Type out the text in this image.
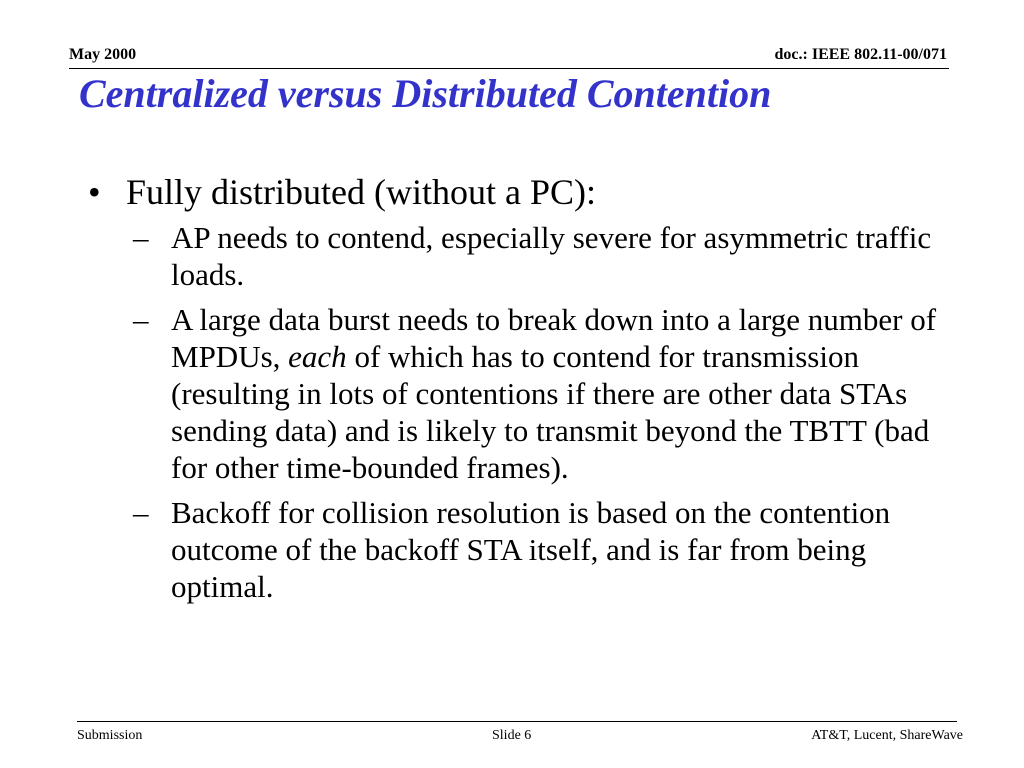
May 2000	doc.: IEEE 802.11-00/071
Centralized versus Distributed Contention
• Fully distributed (without a PC):
– AP needs to contend, especially severe for asymmetric traffic loads.
– A large data burst needs to break down into a large number of MPDUs, each of which has to contend for transmission (resulting in lots of contentions if there are other data STAs sending data) and is likely to transmit beyond the TBTT (bad for other time-bounded frames).
– Backoff for collision resolution is based on the contention outcome of the backoff STA itself, and is far from being optimal.
Submission	Slide 6	AT&T, Lucent, ShareWave
